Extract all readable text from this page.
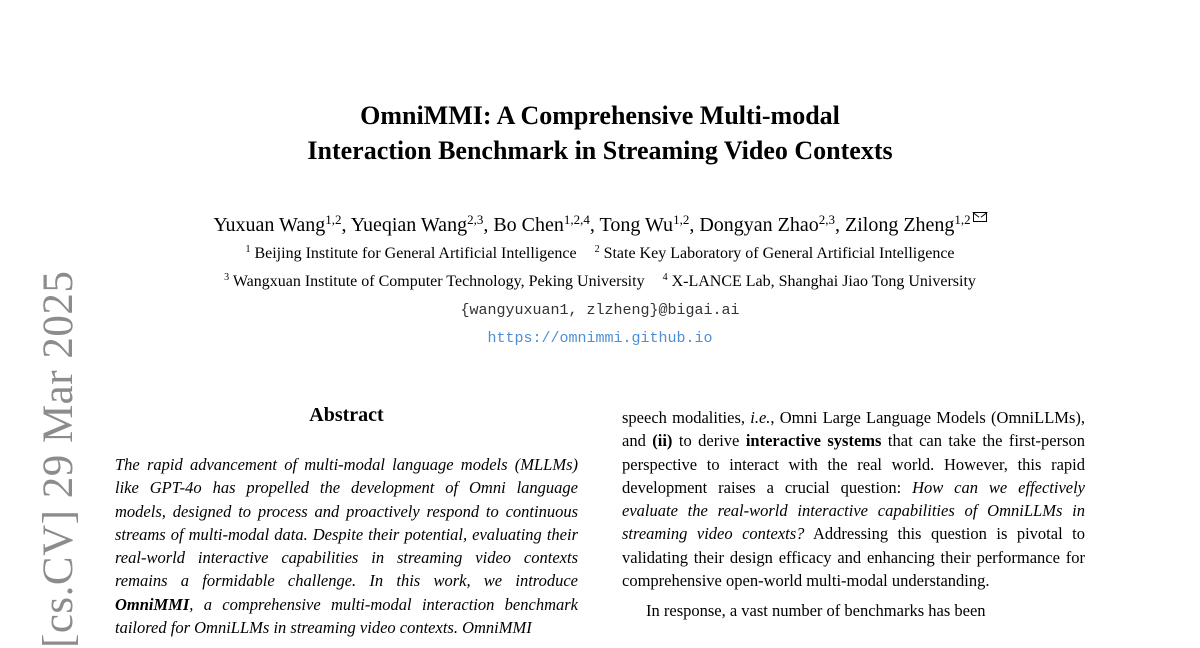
[cs.CV] 29 Mar 2025
OmniMMI: A Comprehensive Multi-modal
Interaction Benchmark in Streaming Video Contexts
Yuxuan Wang$^{1,2}$, Yueqian Wang$^{2,3}$, Bo Chen$^{1,2,4}$, Tong Wu$^{1,2}$, Dongyan Zhao$^{2,3}$, Zilong Zheng$^{1,2}$
$^1$ Beijing Institute for General Artificial Intelligence $^2$ State Key Laboratory of General Artificial Intelligence
$^3$ Wangxuan Institute of Computer Technology, Peking University $^4$ X-LANCE Lab, Shanghai Jiao Tong University
{wangyuxuan1, zlzheng}@bigai.ai
https://omnimmi.github.io
Abstract
The rapid advancement of multi-modal language models (MLLMs) like GPT-4o has propelled the development of Omni language models, designed to process and proactively respond to continuous streams of multi-modal data. Despite their potential, evaluating their real-world interactive capabilities in streaming video contexts remains a formidable challenge. In this work, we introduce OmniMMI, a comprehensive multi-modal interaction benchmark tailored for OmniLLMs in streaming video contexts. OmniMMI

speech modalities, i.e., Omni Large Language Models (OmniLLMs), and (ii) to derive interactive systems that can take the first-person perspective to interact with the real world. However, this rapid development raises a crucial question: How can we effectively evaluate the real-world interactive capabilities of OmniLLMs in streaming video contexts? Addressing this question is pivotal to validating their design efficacy and enhancing their performance for comprehensive open-world multi-modal understanding.

In response, a vast number of benchmarks has been
